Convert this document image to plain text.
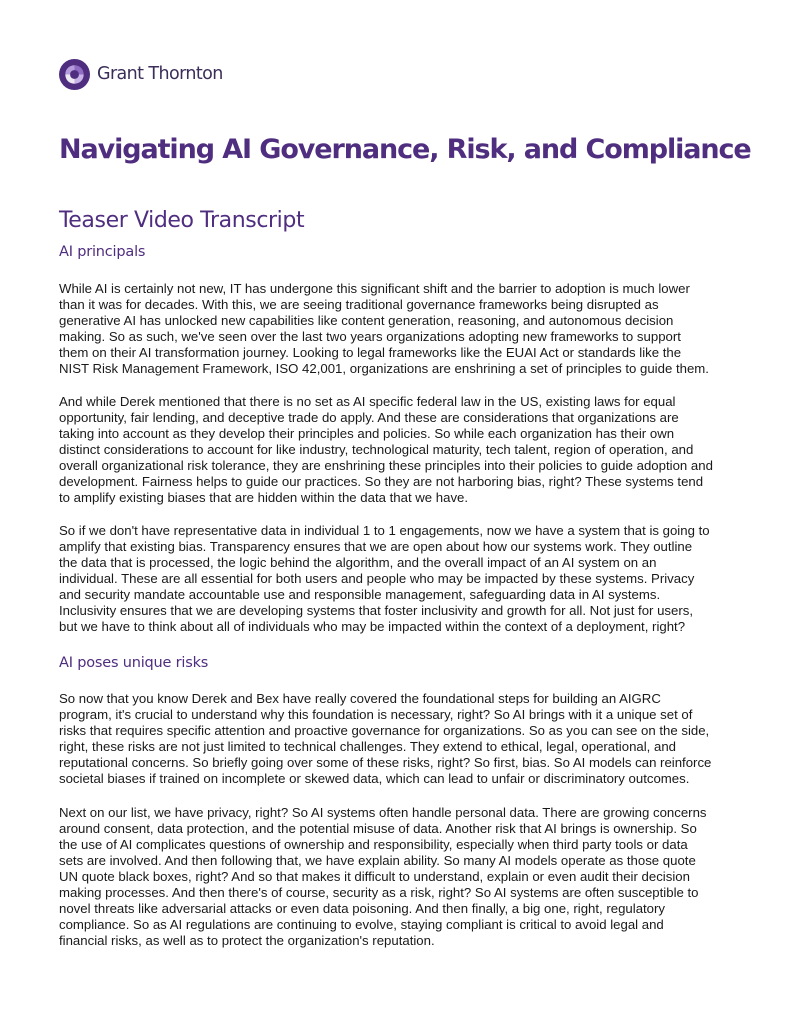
Grant Thornton
Navigating AI Governance, Risk, and Compliance
Teaser Video Transcript
AI principals

While AI is certainly not new, IT has undergone this significant shift and the barrier to adoption is much lower
than it was for decades. With this, we are seeing traditional governance frameworks being disrupted as
generative AI has unlocked new capabilities like content generation, reasoning, and autonomous decision
making. So as such, we've seen over the last two years organizations adopting new frameworks to support
them on their AI transformation journey. Looking to legal frameworks like the EUAI Act or standards like the
NIST Risk Management Framework, ISO 42,001, organizations are enshrining a set of principles to guide them.

And while Derek mentioned that there is no set as AI specific federal law in the US, existing laws for equal
opportunity, fair lending, and deceptive trade do apply. And these are considerations that organizations are
taking into account as they develop their principles and policies. So while each organization has their own
distinct considerations to account for like industry, technological maturity, tech talent, region of operation, and
overall organizational risk tolerance, they are enshrining these principles into their policies to guide adoption and
development. Fairness helps to guide our practices. So they are not harboring bias, right? These systems tend
to amplify existing biases that are hidden within the data that we have.

So if we don't have representative data in individual 1 to 1 engagements, now we have a system that is going to
amplify that existing bias. Transparency ensures that we are open about how our systems work. They outline
the data that is processed, the logic behind the algorithm, and the overall impact of an AI system on an
individual. These are all essential for both users and people who may be impacted by these systems. Privacy
and security mandate accountable use and responsible management, safeguarding data in AI systems.
Inclusivity ensures that we are developing systems that foster inclusivity and growth for all. Not just for users,
but we have to think about all of individuals who may be impacted within the context of a deployment, right?

AI poses unique risks

So now that you know Derek and Bex have really covered the foundational steps for building an AIGRC
program, it's crucial to understand why this foundation is necessary, right? So AI brings with it a unique set of
risks that requires specific attention and proactive governance for organizations. So as you can see on the side,
right, these risks are not just limited to technical challenges. They extend to ethical, legal, operational, and
reputational concerns. So briefly going over some of these risks, right? So first, bias. So AI models can reinforce
societal biases if trained on incomplete or skewed data, which can lead to unfair or discriminatory outcomes.

Next on our list, we have privacy, right? So AI systems often handle personal data. There are growing concerns
around consent, data protection, and the potential misuse of data. Another risk that AI brings is ownership. So
the use of AI complicates questions of ownership and responsibility, especially when third party tools or data
sets are involved. And then following that, we have explain ability. So many AI models operate as those quote
UN quote black boxes, right? And so that makes it difficult to understand, explain or even audit their decision
making processes. And then there's of course, security as a risk, right? So AI systems are often susceptible to
novel threats like adversarial attacks or even data poisoning. And then finally, a big one, right, regulatory
compliance. So as AI regulations are continuing to evolve, staying compliant is critical to avoid legal and
financial risks, as well as to protect the organization's reputation.
